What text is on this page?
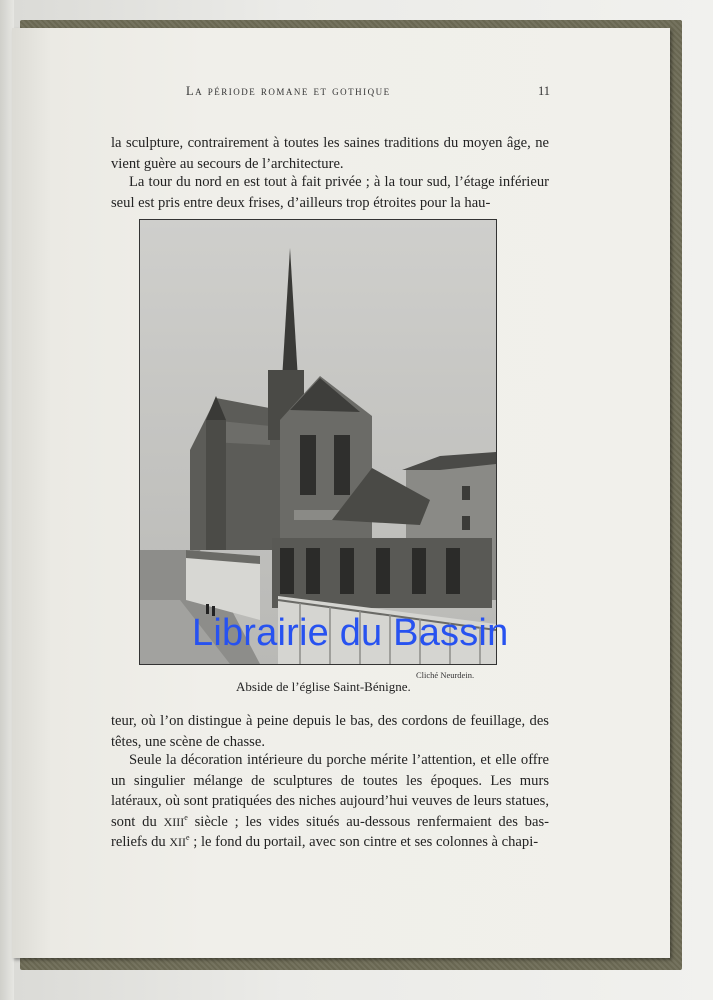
La période romane et gothique	11

la sculpture, contrairement à toutes les saines traditions du moyen âge, ne vient guère au secours de l’architecture.

La tour du nord en est tout à fait privée ; à la tour sud, l’étage inférieur seul est pris entre deux frises, d’ailleurs trop étroites pour la hau-

Cliché Neurdein.
Abside de l’église Saint-Bénigne.
Librairie du Bassin

teur, où l’on distingue à peine depuis le bas, des cordons de feuillage, des têtes, une scène de chasse.

Seule la décoration intérieure du porche mérite l’attention, et elle offre un singulier mélange de sculptures de toutes les époques. Les murs latéraux, où sont pratiquées des niches aujourd’hui veuves de leurs statues, sont du XIIIe siècle ; les vides situés au-dessous renfermaient des bas-reliefs du XIIe ; le fond du portail, avec son cintre et ses colonnes à chapi-
